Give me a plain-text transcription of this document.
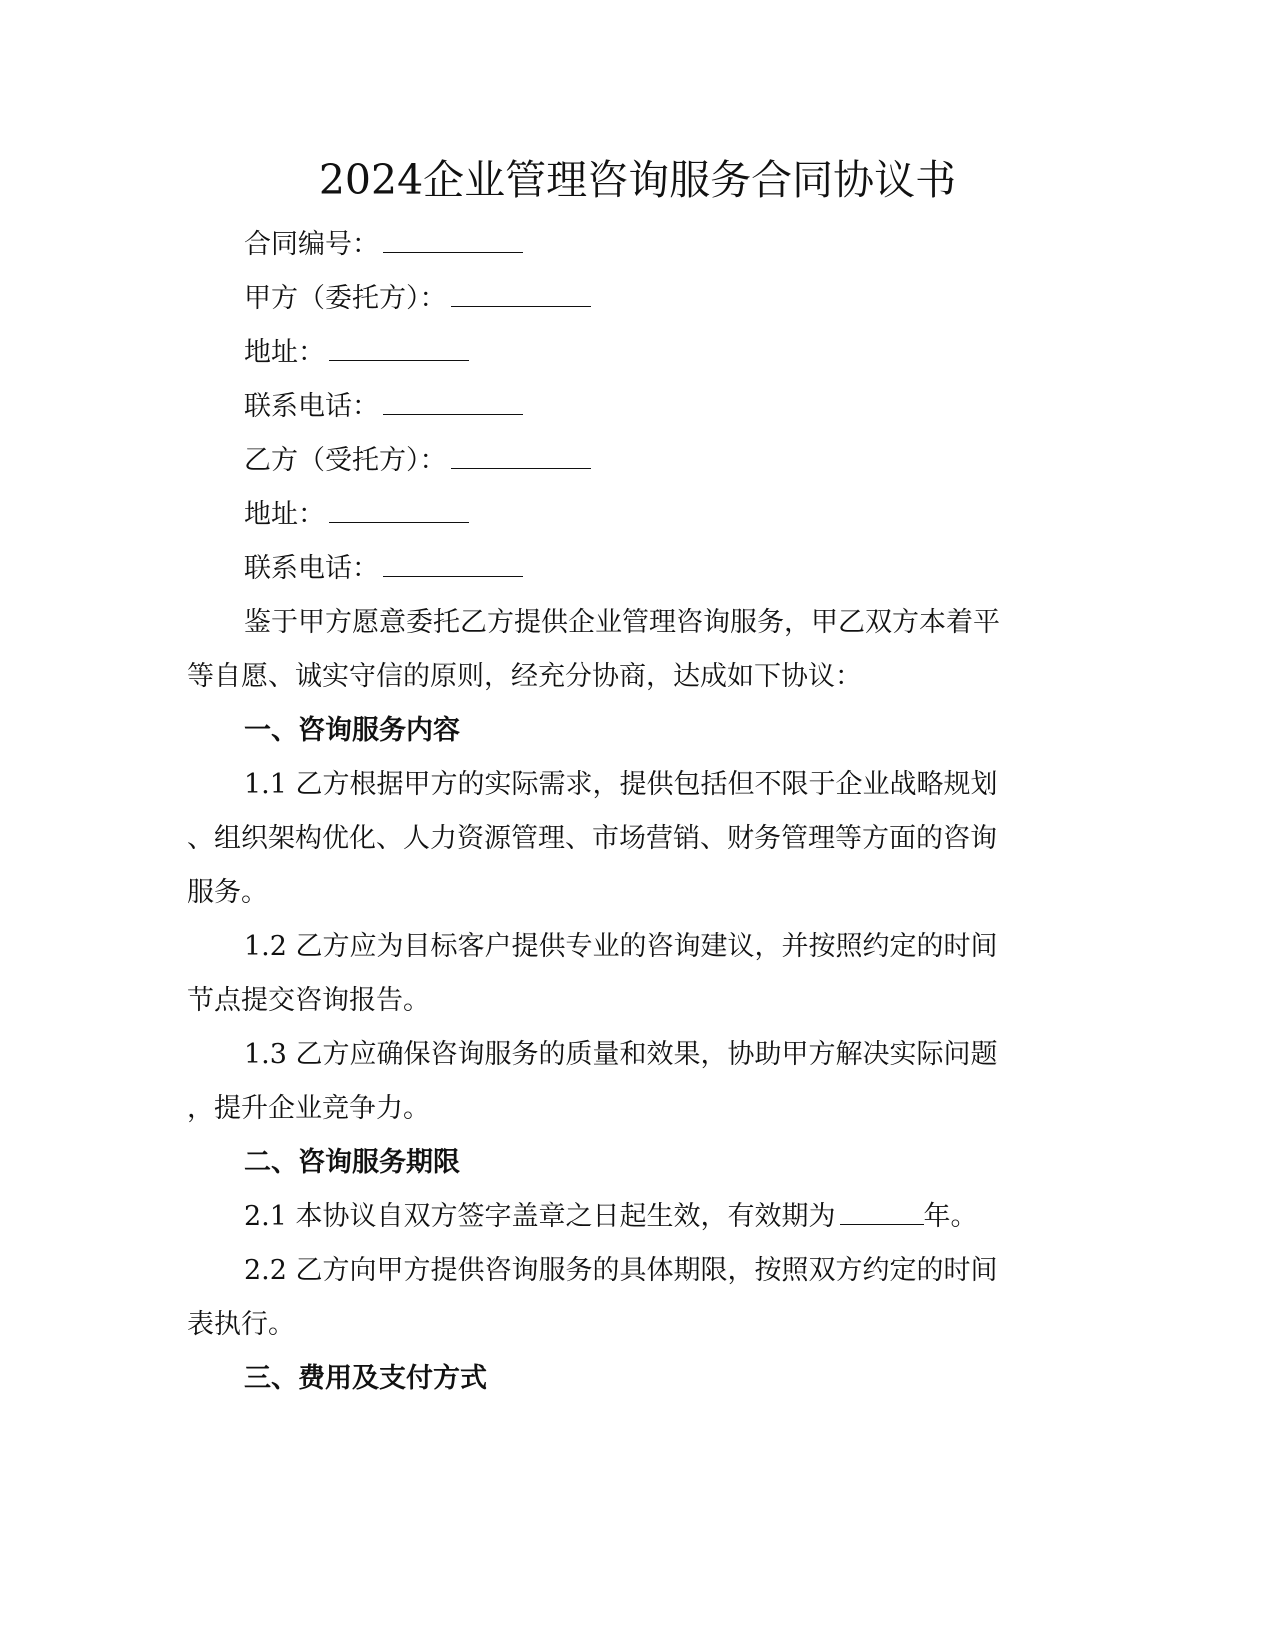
2024企业管理咨询服务合同协议书

合同编号：

甲方（委托方）：

地址：

联系电话：

乙方（受托方）：

地址：

联系电话：

鉴于甲方愿意委托乙方提供企业管理咨询服务，甲乙双方本着平

等自愿、诚实守信的原则，经充分协商，达成如下协议：

一、咨询服务内容

1.1 乙方根据甲方的实际需求，提供包括但不限于企业战略规划

、组织架构优化、人力资源管理、市场营销、财务管理等方面的咨询

服务。

1.2 乙方应为目标客户提供专业的咨询建议，并按照约定的时间

节点提交咨询报告。

1.3 乙方应确保咨询服务的质量和效果，协助甲方解决实际问题

，提升企业竞争力。

二、咨询服务期限

2.1 本协议自双方签字盖章之日起生效，有效期为	年。

2.2 乙方向甲方提供咨询服务的具体期限，按照双方约定的时间

表执行。

三、费用及支付方式
